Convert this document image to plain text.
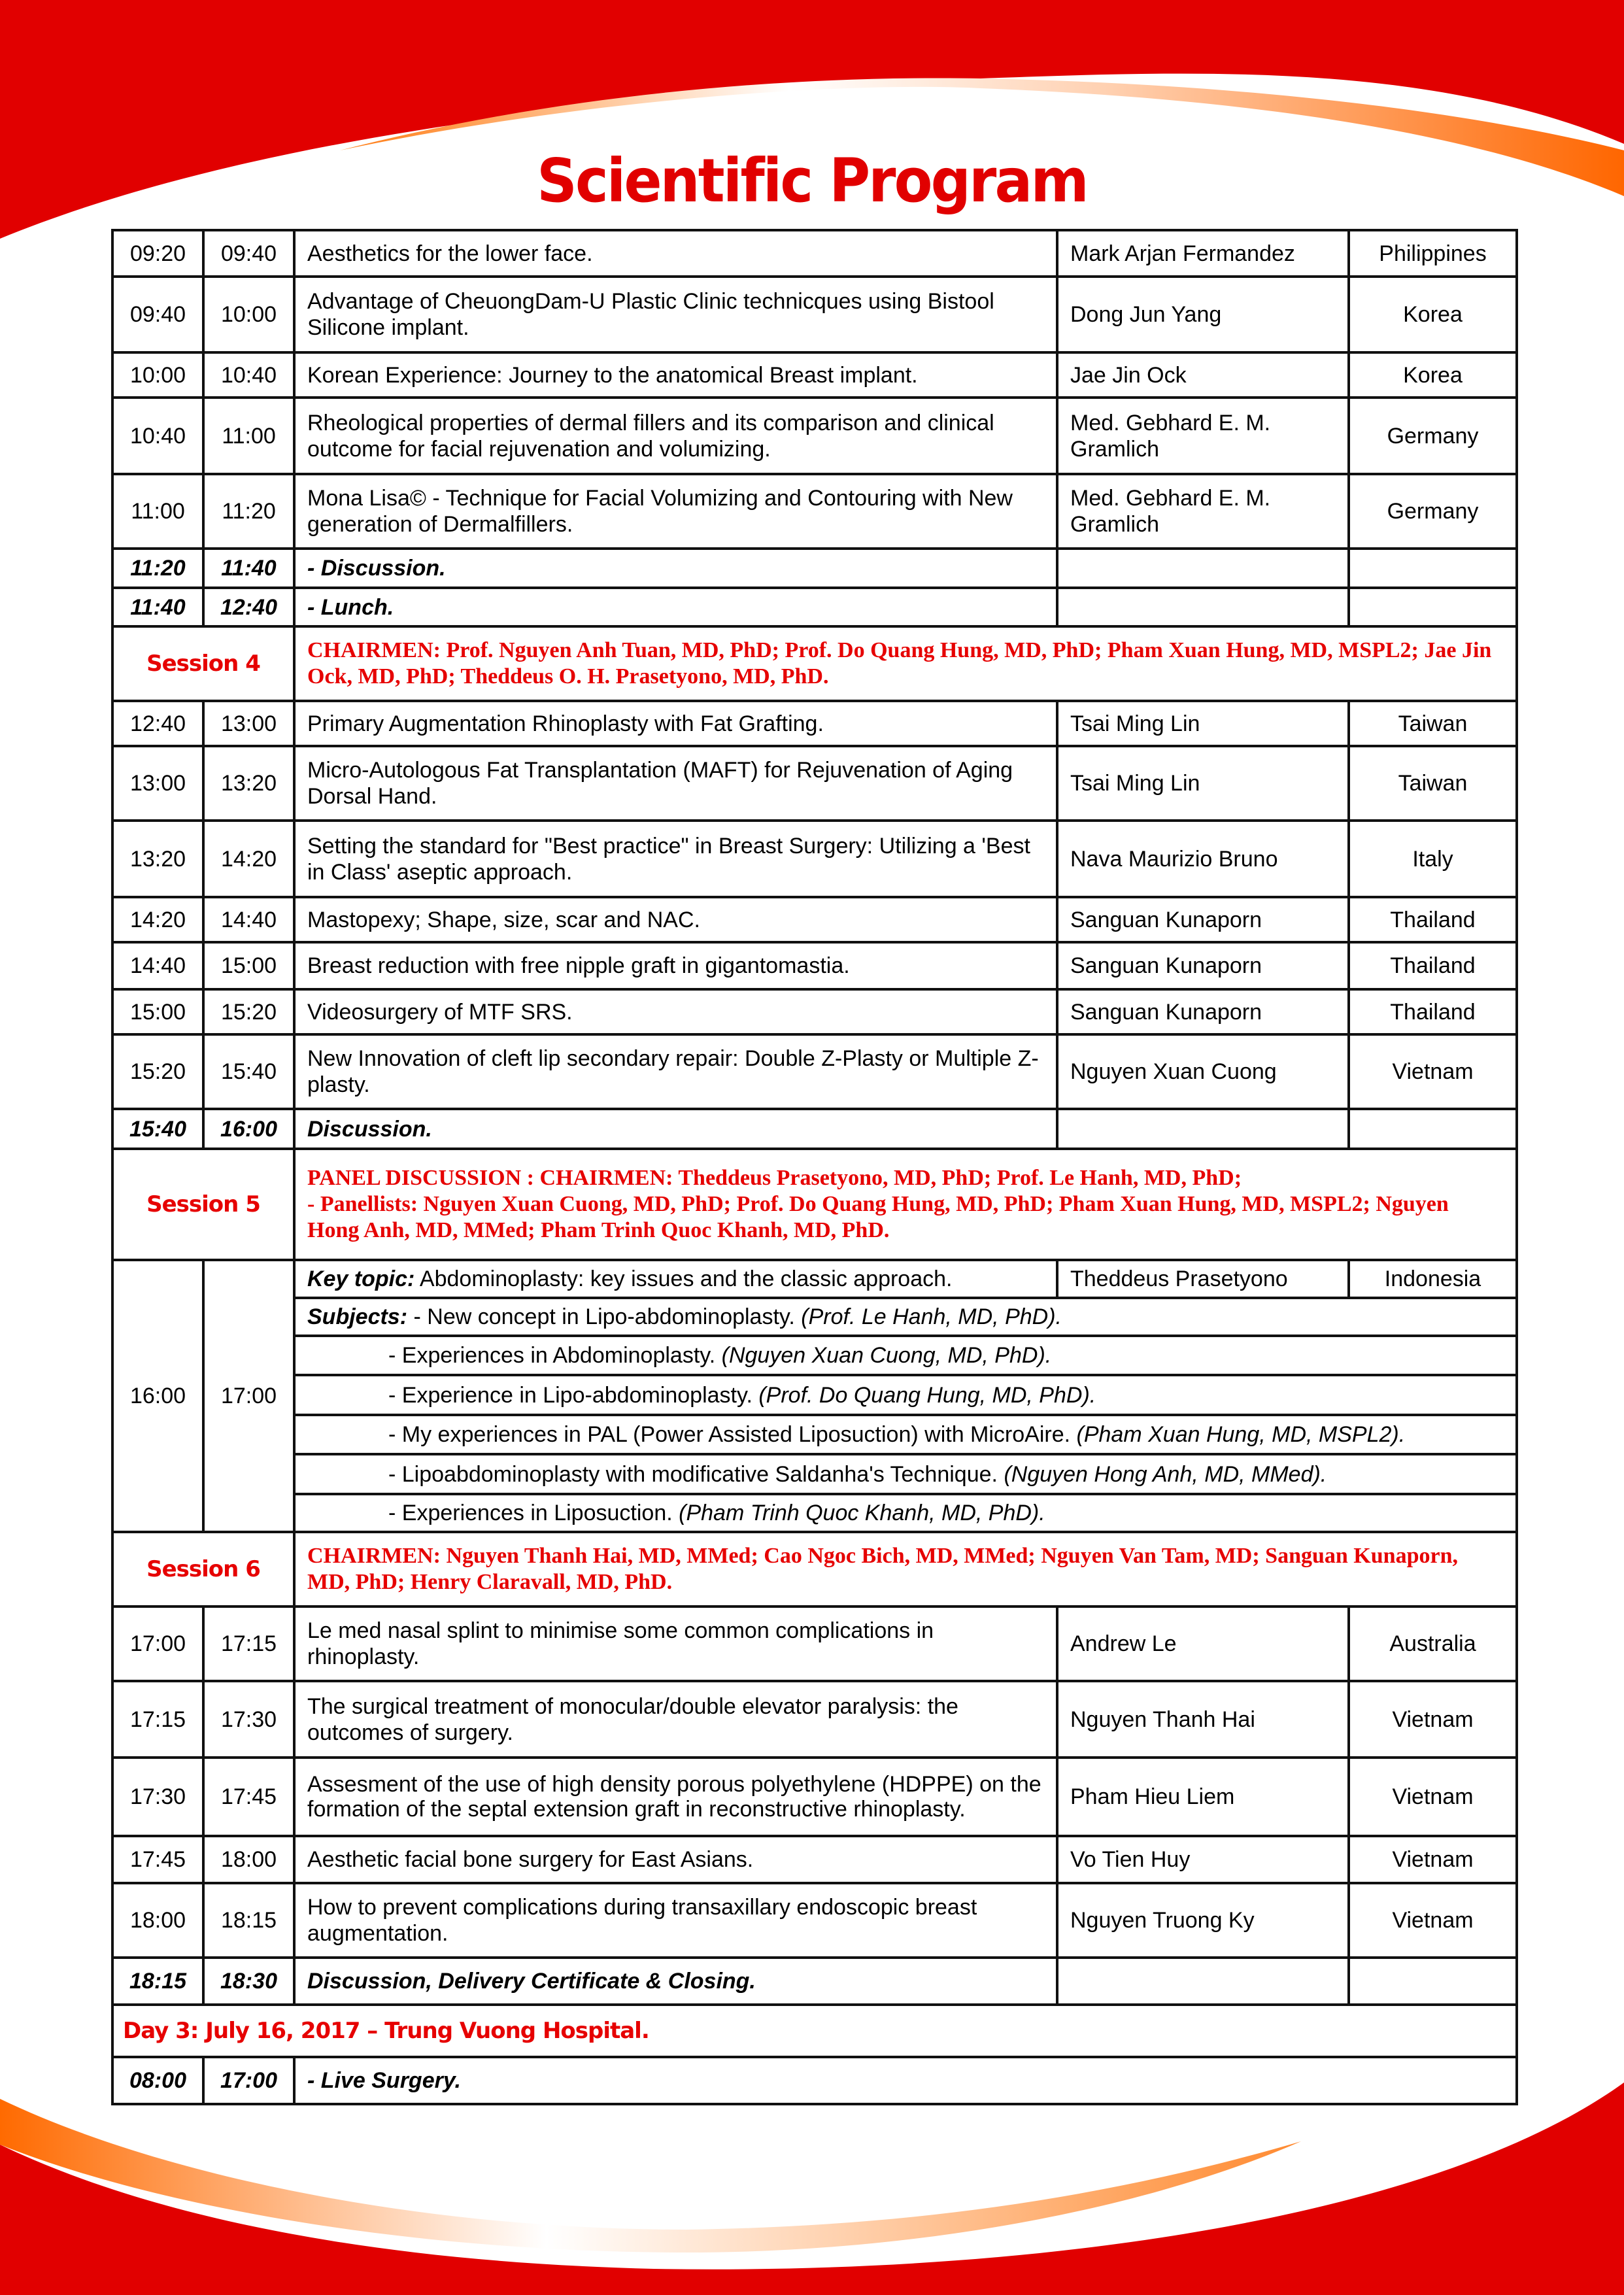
Scientific Program
09:20	09:40	Aesthetics for the lower face.	Mark Arjan Fermandez	Philippines
09:40	10:00	Advantage of CheuongDam-U Plastic Clinic technicques using Bistool Silicone implant.	Dong Jun Yang	Korea
10:00	10:40	Korean Experience: Journey to the anatomical Breast implant.	Jae Jin Ock	Korea
10:40	11:00	Rheological properties of dermal fillers and its comparison and clinical outcome for facial rejuvenation and volumizing.	Med. Gebhard E. M. Gramlich	Germany
11:00	11:20	Mona Lisa© - Technique for Facial Volumizing and Contouring with New generation of Dermalfillers.	Med. Gebhard E. M. Gramlich	Germany
11:20	11:40	- Discussion.		
11:40	12:40	- Lunch.		
Session 4		CHAIRMEN: Prof. Nguyen Anh Tuan, MD, PhD; Prof. Do Quang Hung, MD, PhD; Pham Xuan Hung, MD, MSPL2; Jae Jin Ock, MD, PhD; Theddeus O. H. Prasetyono, MD, PhD.		
12:40	13:00	Primary Augmentation Rhinoplasty with Fat Grafting.	Tsai Ming Lin	Taiwan
13:00	13:20	Micro-Autologous Fat Transplantation (MAFT) for Rejuvenation of Aging Dorsal Hand.	Tsai Ming Lin	Taiwan
13:20	14:20	Setting the standard for "Best practice" in Breast Surgery: Utilizing a 'Best in Class' aseptic approach.	Nava Maurizio Bruno	Italy
14:20	14:40	Mastopexy; Shape, size, scar and NAC.	Sanguan Kunaporn	Thailand
14:40	15:00	Breast reduction with free nipple graft in gigantomastia.	Sanguan Kunaporn	Thailand
15:00	15:20	Videosurgery of MTF SRS.	Sanguan Kunaporn	Thailand
15:20	15:40	New Innovation of cleft lip secondary repair: Double Z-Plasty or Multiple Z-plasty.	Nguyen Xuan Cuong	Vietnam
15:40	16:00	Discussion.		
Session 5		PANEL DISCUSSION : CHAIRMEN: Theddeus Prasetyono, MD, PhD; Prof. Le Hanh, MD, PhD;
- Panellists: Nguyen Xuan Cuong, MD, PhD; Prof. Do Quang Hung, MD, PhD; Pham Xuan Hung, MD, MSPL2; Nguyen Hong Anh, MD, MMed; Pham Trinh Quoc Khanh, MD, PhD.		

16:00	17:00	Key topic: Abdominoplasty: key issues and the classic approach.	Theddeus Prasetyono	Indonesia
		Subjects: - New concept in Lipo-abdominoplasty. (Prof. Le Hanh, MD, PhD).		
		- Experiences in Abdominoplasty. (Nguyen Xuan Cuong, MD, PhD).		
		- Experience in Lipo-abdominoplasty. (Prof. Do Quang Hung, MD, PhD).		
		- My experiences in PAL (Power Assisted Liposuction) with MicroAire. (Pham Xuan Hung, MD, MSPL2).		
		- Lipoabdominoplasty with modificative Saldanha's Technique. (Nguyen Hong Anh, MD, MMed).		
		- Experiences in Liposuction. (Pham Trinh Quoc Khanh, MD, PhD).		
Session 6		CHAIRMEN: Nguyen Thanh Hai, MD, MMed; Cao Ngoc Bich, MD, MMed; Nguyen Van Tam, MD; Sanguan Kunaporn, MD, PhD; Henry Claravall, MD, PhD.		
17:00	17:15	Le med nasal splint to minimise some common complications in rhinoplasty.	Andrew Le	Australia
17:15	17:30	The surgical treatment of monocular/double elevator paralysis: the outcomes of surgery.	Nguyen Thanh Hai	Vietnam
17:30	17:45	Assesment of the use of high density porous polyethylene (HDPPE) on the formation of the septal extension graft in reconstructive rhinoplasty.	Pham Hieu Liem	Vietnam
17:45	18:00	Aesthetic facial bone surgery for East Asians.	Vo Tien Huy	Vietnam
18:00	18:15	How to prevent complications during transaxillary endoscopic breast augmentation.	Nguyen Truong Ky	Vietnam
18:15	18:30	Discussion, Delivery Certificate & Closing.		
Day 3: July 16, 2017 – Trung Vuong Hospital.				
08:00	17:00	- Live Surgery.		
